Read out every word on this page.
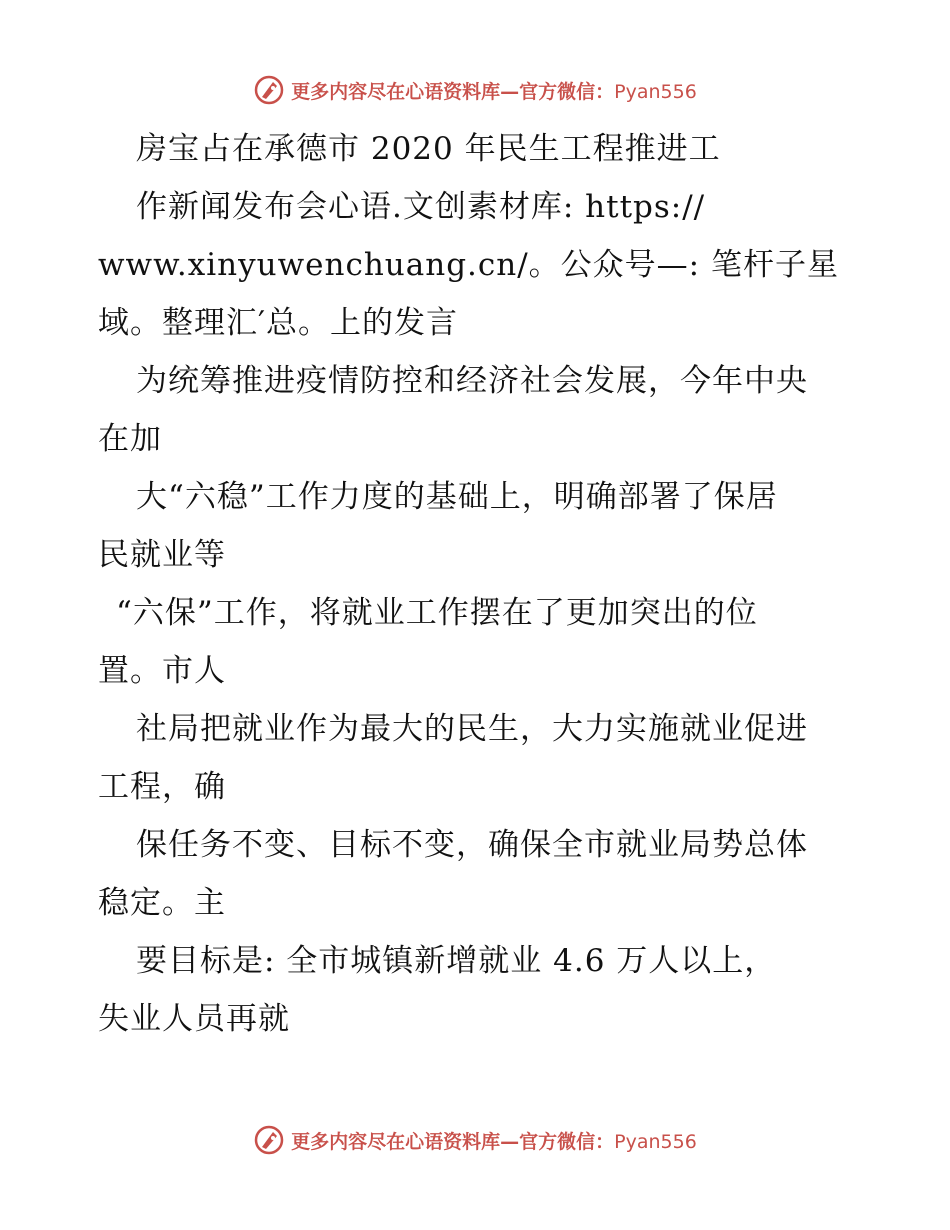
更多内容尽在心语资料库—官方微信：Pyan556
房宝占在承德市 2020 年民生工程推进工
作新闻发布会心语.文创素材库: https://
www.xinyuwenchuang.cn/。公众号—: 笔杆子星
域。整理汇′总。上的发言
为统筹推进疫情防控和经济社会发展，今年中央
在加
大“六稳”工作力度的基础上，明确部署了保居
民就业等
“六保”工作，将就业工作摆在了更加突出的位
置。市人
社局把就业作为最大的民生，大力实施就业促进
工程，确
保任务不变、目标不变，确保全市就业局势总体
稳定。主
要目标是: 全市城镇新增就业 4.6 万人以上，
失业人员再就
更多内容尽在心语资料库—官方微信：Pyan556
